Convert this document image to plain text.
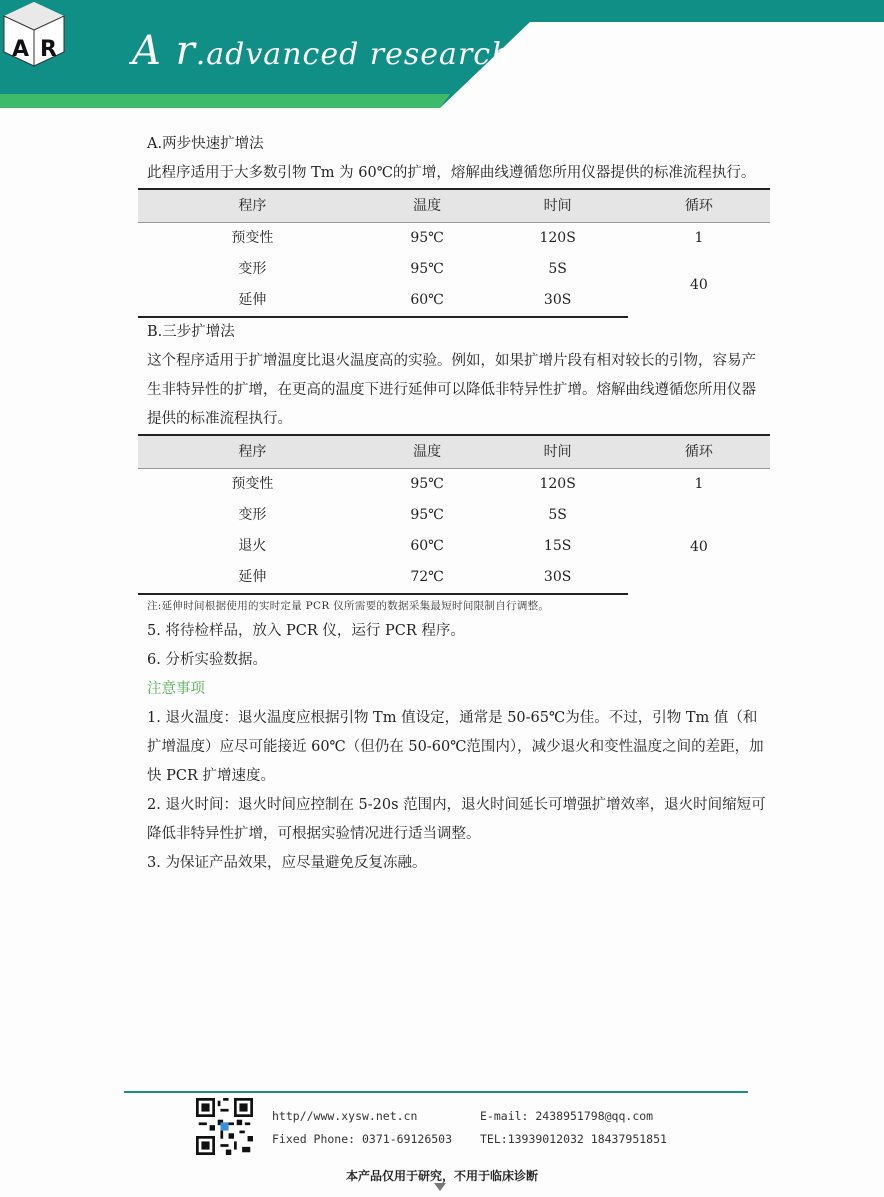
A R A r.advanced research

A.两步快速扩增法

此程序适用于大多数引物 Tm 为 60℃的扩增，熔解曲线遵循您所用仪器提供的标准流程执行。

程序	温度	时间	循环
预变性	95℃	120S	1
变形	95℃	5S	40
延伸	60℃	30S	

B.三步扩增法

这个程序适用于扩增温度比退火温度高的实验。例如，如果扩增片段有相对较长的引物，容易产生非特异性的扩增，在更高的温度下进行延伸可以降低非特异性扩增。熔解曲线遵循您所用仪器提供的标准流程执行。

程序	温度	时间	循环
预变性	95℃	120S	1
变形	95℃	5S	40
退火	60℃	15S	
延伸	72℃	30S	

注:延伸时间根据使用的实时定量 PCR 仪所需要的数据采集最短时间限制自行调整。

5. 将待检样品，放入 PCR 仪，运行 PCR 程序。

6. 分析实验数据。

注意事项

1. 退火温度：退火温度应根据引物 Tm 值设定，通常是 50-65℃为佳。不过，引物 Tm 值（和扩增温度）应尽可能接近 60℃（但仍在 50-60℃范围内），减少退火和变性温度之间的差距，加快 PCR 扩增速度。

2. 退火时间：退火时间应控制在 5-20s 范围内，退火时间延长可增强扩增效率，退火时间缩短可降低非特异性扩增，可根据实验情况进行适当调整。

3. 为保证产品效果，应尽量避免反复冻融。

http//www.xysw.net.cn	E-mail: 2438951798@qq.com
Fixed Phone: 0371-69126503 TEL:13939012032 18437951851
本产品仅用于研究，不用于临床诊断
